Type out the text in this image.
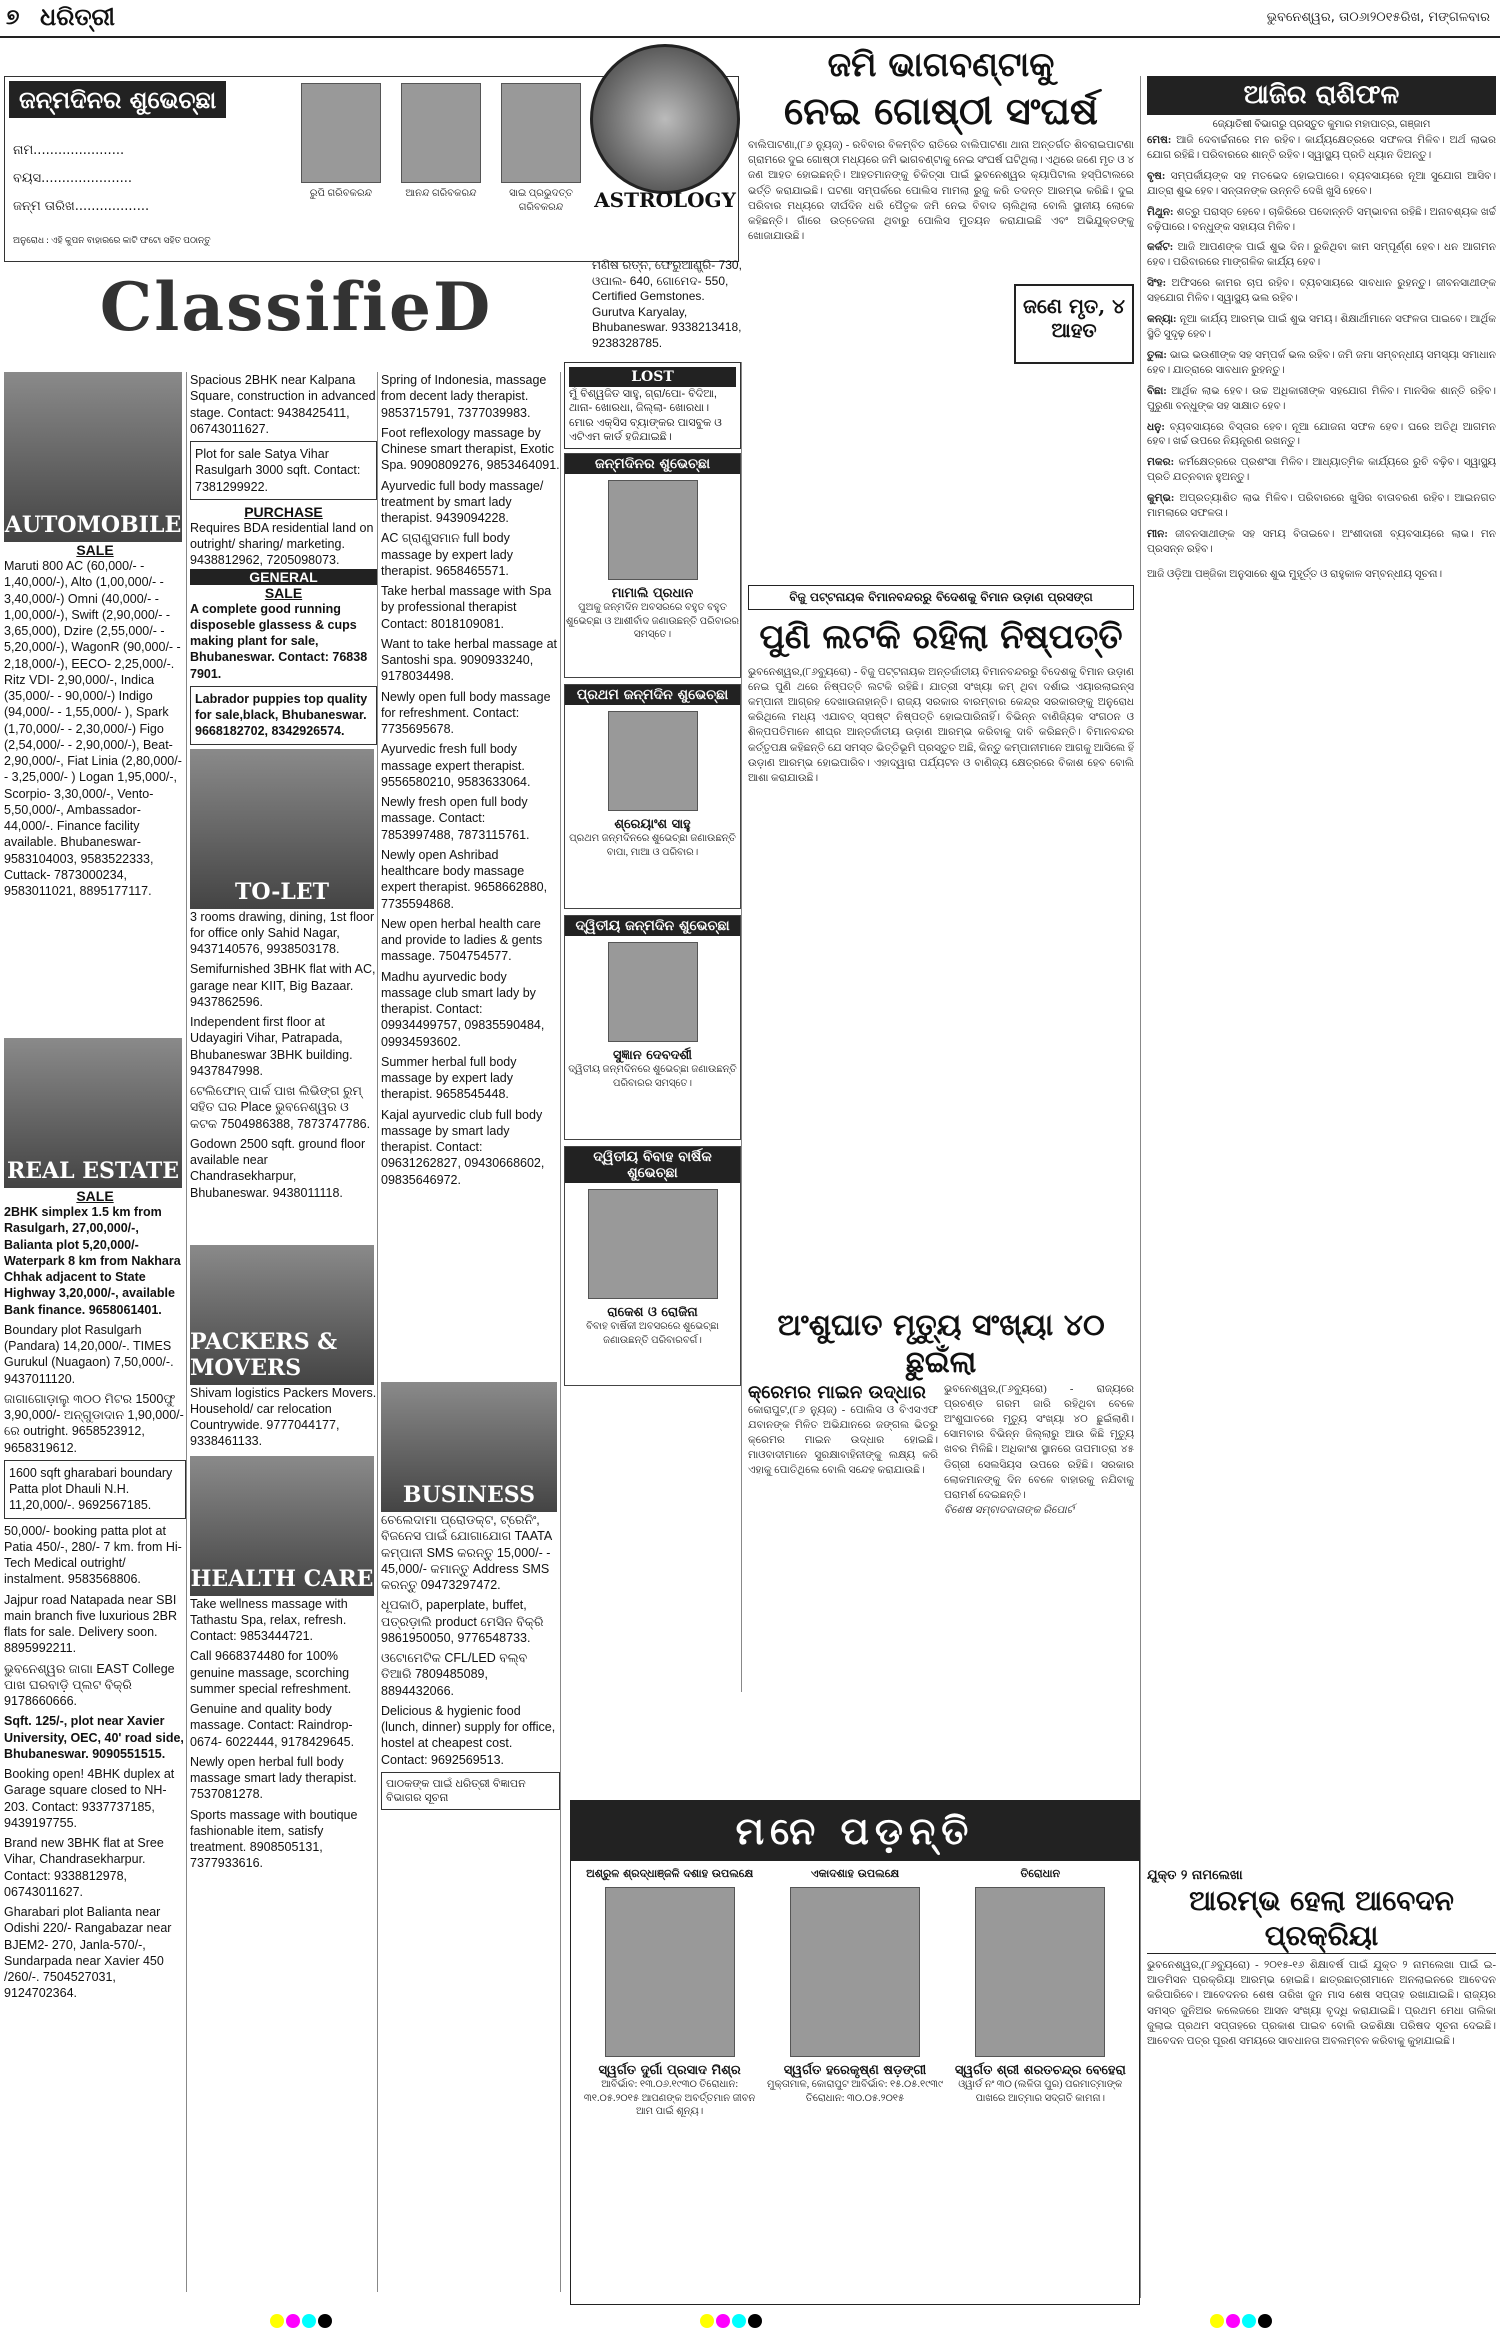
୭ ଧରିତ୍ରୀ	ଭୁବନେଶ୍ୱର, ତା୦୬ା୨୦୧୫ରିଖ, ମଙ୍ଗଳବାର
ଜନ୍ମଦିନର ଶୁଭେଚ୍ଛା
ନାମ......................
ବୟସ......................
ଜନ୍ମ ତାରିଖ..................
ରୁପି ଗରିବକରନ୍ଦ	ଆନନ୍ଦ ଗରିବକରନ୍ଦ	ସାଇ ପ୍ରଭୁଦତ୍ତ ଗରିବକରନ୍ଦ
ଅନୁରୋଧ : ଏହି କୁପନ ବାହାରରେ କାଟି ଫଟୋ ସହିତ ପଠାନ୍ତୁ
ASTROLOGY
ମଣିଷ ରତ୍ନ, ଫେରୁଆଣ୍ଡ୍ରି- 730, ଓପାଲ- 640, ଗୋମେଦ- 550, Certified Gemstones. Gurutva Karyalay, Bhubaneswar. 9338213418, 9238328785.
ClassifieD
AUTOMOBILE
SALE
Maruti 800 AC (60,000/- - 1,40,000/-), Alto (1,00,000/- - 3,40,000/-) Omni (40,000/- - 1,00,000/-), Swift (2,90,000/- - 3,65,000), Dzire (2,55,000/- - 5,20,000/-), WagonR (90,000/- - 2,18,000/-), EECO- 2,25,000/-. Ritz VDI- 2,90,000/-, Indica (35,000/- - 90,000/-) Indigo (94,000/- - 1,55,000/- ), Spark (1,70,000/- - 2,30,000/-) Figo (2,54,000/- - 2,90,000/-), Beat- 2,90,000/-, Fiat Linia (2,80,000/- - 3,25,000/- ) Logan 1,95,000/-, Scorpio- 3,30,000/-, Vento- 5,50,000/-, Ambassador- 44,000/-. Finance facility available. Bhubaneswar- 9583104003, 9583522333, Cuttack- 7873000234, 9583011021, 8895177117.
REAL ESTATE
SALE

2BHK simplex 1.5 km from Rasulgarh, 27,00,000/-, Balianta plot 5,20,000/- Waterpark 8 km from Nakhara Chhak adjacent to State Highway 3,20,000/-, available Bank finance. 9658061401.

Boundary plot Rasulgarh (Pandara) 14,20,000/-. TIMES Gurukul (Nuagaon) 7,50,000/-. 9437011120.

ଜାଗାଗୋଡ଼ାଲୁ ୩୦୦ ମିଟର 1500ଫୁ 3,90,000/- ଅନ୍ଗୁଡାଦାନ 1,90,000/-ରେ outright. 9658523912, 9658319612.

1600 sqft gharabari boundary Patta plot Dhauli N.H. 11,20,000/-. 9692567185.

50,000/- booking patta plot at Patia 450/-, 280/- 7 km. from Hi-Tech Medical outright/ instalment. 9583568806.

Jajpur road Natapada near SBI main branch five luxurious 2BR flats for sale. Delivery soon. 8895992211.

ଭୁବନେଶ୍ୱର ଜାଗା EAST College ପାଖ ଘରବାଡ଼ି ପ୍ଲଟ ବିକ୍ରି 9178660666.

Sqft. 125/-, plot near Xavier University, OEC, 40' road side, Bhubaneswar. 9090551515.

Booking open! 4BHK duplex at Garage square closed to NH-203. Contact: 9337737185, 9439197755.

Brand new 3BHK flat at Sree Vihar, Chandrasekharpur. Contact: 9338812978, 06743011627.

Gharabari plot Balianta near Odishi 220/- Rangabazar near BJEM2- 270, Janla-570/-, Sundarpada near Xavier 450 /260/-. 7504527031, 9124702364.

Spacious 2BHK near Kalpana Square, construction in advanced stage. Contact: 9438425411, 06743011627.

Plot for sale Satya Vihar Rasulgarh 3000 sqft. Contact: 7381299922.

PURCHASE
Requires BDA residential land on outright/ sharing/ marketing. 9438812962, 7205098073.
GENERAL
SALE
A complete good running disposeble glassess & cups making plant for sale, Bhubaneswar. Contact: 76838 7901.
Labrador puppies top quality for sale,black, Bhubaneswar. 9668182702, 8342926574.
TO-LET

3 rooms drawing, dining, 1st floor for office only Sahid Nagar, 9437140576, 9938503178.

Semifurnished 3BHK flat with AC, garage near KIIT, Big Bazaar. 9437862596.

Independent first floor at Udayagiri Vihar, Patrapada, Bhubaneswar 3BHK building. 9437847998.

ଟେଲିଫୋନ୍ ପାର୍କ ପାଖ ଲିଭିଙ୍ଗ ରୁମ୍ ସହିତ ଘର Place ଭୁବନେଶ୍ୱର ଓ କଟକ 7504986388, 7873747786.

Godown 2500 sqft. ground floor available near Chandrasekharpur, Bhubaneswar. 9438011118.

PACKERS & MOVERS
Shivam logistics Packers Movers. Household/ car relocation Countrywide. 9777044177, 9338461133.
HEALTH CARE

Take wellness massage with Tathastu Spa, relax, refresh. Contact: 9853444721.

Call 9668374480 for 100% genuine massage, scorching summer special refreshment.

Genuine and quality body massage. Contact: Raindrop- 0674- 6022444, 9178429645.

Newly open herbal full body massage smart lady therapist. 7537081278.

Sports massage with boutique fashionable item, satisfy treatment. 8908505131, 7377933616.

Spring of Indonesia, massage from decent lady therapist. 9853715791, 7377039983.

Foot reflexology massage by Chinese smart therapist, Exotic Spa. 9090809276, 9853464091.

Ayurvedic full body massage/ treatment by smart lady therapist. 9439094228.

AC ଗ୍ରାଣ୍ଡ୍ସମାନ full body massage by expert lady therapist. 9658465571.

Take herbal massage with Spa by professional therapist Contact: 8018109081.

Want to take herbal massage at Santoshi spa. 9090933240, 9178034498.

Newly open full body massage for refreshment. Contact: 7735695678.

Ayurvedic fresh full body massage expert therapist. 9556580210, 9583633064.

Newly fresh open full body massage. Contact: 7853997488, 7873115761.

Newly open Ashribad healthcare body massage expert therapist. 9658662880, 7735594868.

New open herbal health care and provide to ladies & gents massage. 7504754577.

Madhu ayurvedic body massage club smart lady by therapist. Contact: 09934499757, 09835590484, 09934593602.

Summer herbal full body massage by expert lady therapist. 9658545448.

Kajal ayurvedic club full body massage by smart lady therapist. Contact: 09631262827, 09430668602, 09835646972.

BUSINESS

ଚେଲେଦାମା ପ୍ରୋଡକ୍ଟ, ଟ୍ରେନିଂ, ବିଜନେସ ପାଇଁ ଯୋଗାଯୋଗ TAATA କମ୍ପାନୀ SMS କରନ୍ତୁ 15,000/- - 45,000/- କମାନ୍ତୁ Address SMS କରନ୍ତୁ 09473297472.

ଧୂପକାଠି, paperplate, buffet, ପତ୍ରଡ଼ାଲି product ମେସିନ ବିକ୍ରି 9861950050, 9776548733.

ଓଟୋମେଟିକ CFL/LED ବଲ୍ବ ତିଆରି 7809485089, 8894432066.

Delicious & hygienic food (lunch, dinner) supply for office, hostel at cheapest cost. Contact: 9692569513.

ପାଠକଙ୍କ ପାଇଁ ଧରିତ୍ରୀ ବିଜ୍ଞାପନ ବିଭାଗର ସୂଚନା

LOST
ମୁଁ ବିଶ୍ୱଜିତ ସାହୁ, ଗ୍ରା/ପୋ- ବିଦିଆ, ଥାନା- ଖୋରଧା, ଜିଲ୍ଲା- ଖୋରଧା। ମୋର ଏକ୍ସିସ ବ୍ୟାଙ୍କର ପାସବୁକ ଓ ଏଟିଏମ କାର୍ଡ ହଜିଯାଇଛି।
ଜନ୍ମଦିନର ଶୁଭେଚ୍ଛା
ମାମାଲି ପ୍ରଧାନ
ପୁଅକୁ ଜନ୍ମଦିନ ଅବସରରେ ବହୁତ ବହୁତ ଶୁଭେଚ୍ଛା ଓ ଆଶୀର୍ବାଦ ଜଣାଉଛନ୍ତି ପରିବାରର ସମସ୍ତେ।
ପ୍ରଥମ ଜନ୍ମଦିନ ଶୁଭେଚ୍ଛା
ଶ୍ରେୟାଂଶ ସାହୁ
ପ୍ରଥମ ଜନ୍ମଦିନରେ ଶୁଭେଚ୍ଛା ଜଣାଉଛନ୍ତି ବାପା, ମାଆ ଓ ପରିବାର।
ଦ୍ୱିତୀୟ ଜନ୍ମଦିନ ଶୁଭେଚ୍ଛା
ସୁଜ୍ଞାନ ଦେବଦର୍ଶୀ
ଦ୍ୱିତୀୟ ଜନ୍ମଦିନରେ ଶୁଭେଚ୍ଛା ଜଣାଉଛନ୍ତି ପରିବାରର ସମସ୍ତେ।
ଦ୍ୱିତୀୟ ବିବାହ ବାର୍ଷିକ ଶୁଭେଚ୍ଛା
ରାକେଶ ଓ ରୋଜିନା
ବିବାହ ବାର୍ଷିକୀ ଅବସରରେ ଶୁଭେଚ୍ଛା ଜଣାଉଛନ୍ତି ପରିବାରବର୍ଗ।
ଜମି ଭାଗବଣ୍ଟାକୁ
ନେଇ ଗୋଷ୍ଠୀ ସଂଘର୍ଷ
ଜଣେ ମୃତ, ୪ ଆହତ
ବାଲିପାଟଣା,(୮୬ ନ୍ୟୁଜ୍) - ରବିବାର ବିଳମ୍ବିତ ରାତିରେ ବାଲିପାଟଣା ଥାନା ଅନ୍ତର୍ଗତ ଶିବରାଇପାଟଣା ଗ୍ରାମରେ ଦୁଇ ଗୋଷ୍ଠୀ ମଧ୍ୟରେ ଜମି ଭାଗବଣ୍ଟାକୁ ନେଇ ସଂଘର୍ଷ ଘଟିଥିଲା। ଏଥିରେ ଜଣେ ମୃତ ଓ ୪ ଜଣ ଆହତ ହୋଇଛନ୍ତି। ଆହତମାନଙ୍କୁ ଚିକିତ୍ସା ପାଇଁ ଭୁବନେଶ୍ୱର କ୍ୟାପିଟାଲ ହସ୍ପିଟାଲରେ ଭର୍ତ୍ତି କରାଯାଇଛି। ଘଟଣା ସମ୍ପର୍କରେ ପୋଲିସ ମାମଲା ରୁଜୁ କରି ତଦନ୍ତ ଆରମ୍ଭ କରିଛି। ଦୁଇ ପରିବାର ମଧ୍ୟରେ ଦୀର୍ଘଦିନ ଧରି ପୈତୃକ ଜମି ନେଇ ବିବାଦ ଚାଲିଥିଲା ବୋଲି ସ୍ଥାନୀୟ ଲୋକେ କହିଛନ୍ତି। ଗାଁରେ ଉତ୍ତେଜନା ଥିବାରୁ ପୋଲିସ ମୁତୟନ କରାଯାଇଛି ଏବଂ ଅଭିଯୁକ୍ତଙ୍କୁ ଖୋଜାଯାଉଛି।
ବିଜୁ ପଟ୍ଟନାୟକ ବିମାନବନ୍ଦରରୁ ବିଦେଶକୁ ବିମାନ ଉଡ଼ାଣ ପ୍ରସଙ୍ଗ
ପୁଣି ଲଟକି ରହିଲା ନିଷ୍ପତ୍ତି
ଭୁବନେଶ୍ୱର,(୮୬ବ୍ୟୁରୋ) - ବିଜୁ ପଟ୍ଟନାୟକ ଅନ୍ତର୍ଜାତୀୟ ବିମାନବନ୍ଦରରୁ ବିଦେଶକୁ ବିମାନ ଉଡ଼ାଣ ନେଇ ପୁଣି ଥରେ ନିଷ୍ପତ୍ତି ଲଟକି ରହିଛି। ଯାତ୍ରୀ ସଂଖ୍ୟା କମ୍ ଥିବା ଦର୍ଶାଇ ଏୟାରଲାଇନ୍ସ କମ୍ପାନୀ ଆଗ୍ରହ ଦେଖାଉନାହାନ୍ତି। ରାଜ୍ୟ ସରକାର ବାରମ୍ବାର କେନ୍ଦ୍ର ସରକାରଙ୍କୁ ଅନୁରୋଧ କରିଥିଲେ ମଧ୍ୟ ଏଯାବତ୍ ସ୍ପଷ୍ଟ ନିଷ୍ପତ୍ତି ହୋଇପାରିନାହିଁ। ବିଭିନ୍ନ ବାଣିଜ୍ୟିକ ସଂଗଠନ ଓ ଶିଳ୍ପପତିମାନେ ଶୀଘ୍ର ଆନ୍ତର୍ଜାତୀୟ ଉଡ଼ାଣ ଆରମ୍ଭ କରିବାକୁ ଦାବି କରିଛନ୍ତି। ବିମାନବନ୍ଦର କର୍ତ୍ତୃପକ୍ଷ କହିଛନ୍ତି ଯେ ସମସ୍ତ ଭିତ୍ତିଭୂମି ପ୍ରସ୍ତୁତ ଅଛି, କିନ୍ତୁ କମ୍ପାନୀମାନେ ଆଗକୁ ଆସିଲେ ହିଁ ଉଡ଼ାଣ ଆରମ୍ଭ ହୋଇପାରିବ। ଏହାଦ୍ୱାରା ପର୍ଯ୍ୟଟନ ଓ ବାଣିଜ୍ୟ କ୍ଷେତ୍ରରେ ବିକାଶ ହେବ ବୋଲି ଆଶା କରାଯାଉଛି।
ଅଂଶୁଘାତ ମୃତ୍ୟୁ ସଂଖ୍ୟା ୪୦ ଛୁଇଁଲା
କ୍ରେମର ମାଇନ ଉଦ୍ଧାର
କୋରାପୁଟ,(୮୬ ନ୍ୟୁଜ୍) - ପୋଲିସ ଓ ବିଏସଏଫ ଯବାନଙ୍କ ମିଳିତ ଅଭିଯାନରେ ଜଙ୍ଗଲ ଭିତରୁ କ୍ରେମର ମାଇନ ଉଦ୍ଧାର ହୋଇଛି। ମାଓବାଦୀମାନେ ସୁରକ୍ଷାବାହିନୀଙ୍କୁ ଲକ୍ଷ୍ୟ କରି ଏହାକୁ ପୋତିଥିଲେ ବୋଲି ସନ୍ଦେହ କରାଯାଉଛି।
ଭୁବନେଶ୍ୱର,(୮୬ବ୍ୟୁରୋ) - ରାଜ୍ୟରେ ପ୍ରଚଣ୍ଡ ଗରମ ଜାରି ରହିଥିବା ବେଳେ ଅଂଶୁଘାତରେ ମୃତ୍ୟୁ ସଂଖ୍ୟା ୪୦ ଛୁଇଁଲାଣି। ସୋମବାର ବିଭିନ୍ନ ଜିଲ୍ଲାରୁ ଆଉ କିଛି ମୃତ୍ୟୁ ଖବର ମିଳିଛି। ଅଧିକାଂଶ ସ୍ଥାନରେ ତାପମାତ୍ରା ୪୫ ଡିଗ୍ରୀ ସେଲସିୟସ ଉପରେ ରହିଛି। ସରକାର ଲୋକମାନଙ୍କୁ ଦିନ ବେଳେ ବାହାରକୁ ନଯିବାକୁ ପରାମର୍ଶ ଦେଇଛନ୍ତି।
ବିଶେଷ ସମ୍ବାଦଦାତାଙ୍କ ରିପୋର୍ଟ
ମନେ ପଡ଼ନ୍ତି
ଅଶ୍ରୁଳ ଶ୍ରଦ୍ଧାଞ୍ଜଳି ଦଶାହ ଉପଲକ୍ଷେ
ସ୍ୱର୍ଗତ ଦୁର୍ଗା ପ୍ରସାଦ ମିଶ୍ର
ଆବିର୍ଭାବ: ୧୩.୦୬.୧୯୩୦ ତିରୋଧାନ: ୩୧.୦୫.୨୦୧୫ ଆପଣଙ୍କ ଅବର୍ତ୍ତମାନ ଜୀବନ ଆମ ପାଇଁ ଶୂନ୍ୟ।
ଏକାଦଶାହ ଉପଲକ୍ଷେ
ସ୍ୱର୍ଗତ ହରେକୃଷ୍ଣ ଷଡ଼ଙ୍ଗୀ
ମୁକ୍ତାମାଳ, କୋରାପୁଟ ଆବିର୍ଭାବ: ୧୫.୦୫.୧୯୩୯ ତିରୋଧାନ: ୩୦.୦୫.୨୦୧୫
ତିରୋଧାନ
ସ୍ୱର୍ଗତ ଶ୍ରୀ ଶରତଚନ୍ଦ୍ର ବେହେରା
ଓ୍ୱାର୍ଡ ନଂ ୩୦ (ଲଳିତା ପୁର) ପରମାତ୍ମାଙ୍କ ପାଖରେ ଆତ୍ମାର ସଦ୍ଗତି କାମନା।
ଆଜିର ରାଶିଫଳ
ଜ୍ୟୋତିଷୀ ବିଭାଗରୁ ପ୍ରସ୍ତୁତ କୁମାର ମହାପାତ୍ର, ଗଞ୍ଜାମ

ମେଷ: ଆଜି ଦେବାର୍ଚ୍ଚନାରେ ମନ ରହିବ। କାର୍ଯ୍ୟକ୍ଷେତ୍ରରେ ସଫଳତା ମିଳିବ। ଅର୍ଥ ଲାଭର ଯୋଗ ରହିଛି। ପରିବାରରେ ଶାନ୍ତି ରହିବ। ସ୍ୱାସ୍ଥ୍ୟ ପ୍ରତି ଧ୍ୟାନ ଦିଅନ୍ତୁ।

ବୃଷ: ସମ୍ପର୍କୀୟଙ୍କ ସହ ମତଭେଦ ହୋଇପାରେ। ବ୍ୟବସାୟରେ ନୂଆ ସୁଯୋଗ ଆସିବ। ଯାତ୍ରା ଶୁଭ ହେବ। ସନ୍ତାନଙ୍କ ଉନ୍ନତି ଦେଖି ଖୁସି ହେବେ।

ମିଥୁନ: ଶତ୍ରୁ ପରାସ୍ତ ହେବେ। ଚାକିରିରେ ପଦୋନ୍ନତି ସମ୍ଭାବନା ରହିଛି। ଅନାବଶ୍ୟକ ଖର୍ଚ୍ଚ ବଢ଼ିପାରେ। ବନ୍ଧୁଙ୍କ ସହାୟତା ମିଳିବ।

କର୍କଟ: ଆଜି ଆପଣଙ୍କ ପାଇଁ ଶୁଭ ଦିନ। ରୁକିଥିବା କାମ ସମ୍ପୂର୍ଣ୍ଣ ହେବ। ଧନ ଆଗମନ ହେବ। ପରିବାରରେ ମାଙ୍ଗଳିକ କାର୍ଯ୍ୟ ହେବ।

ସିଂହ: ଅଫିସରେ କାମର ଚାପ ରହିବ। ବ୍ୟବସାୟରେ ସାବଧାନ ରୁହନ୍ତୁ। ଜୀବନସାଥୀଙ୍କ ସହଯୋଗ ମିଳିବ। ସ୍ୱାସ୍ଥ୍ୟ ଭଲ ରହିବ।

କନ୍ୟା: ନୂଆ କାର୍ଯ୍ୟ ଆରମ୍ଭ ପାଇଁ ଶୁଭ ସମୟ। ଶିକ୍ଷାର୍ଥୀମାନେ ସଫଳତା ପାଇବେ। ଆର୍ଥିକ ସ୍ଥିତି ସୁଦୃଢ଼ ହେବ।

ତୁଳା: ଭାଇ ଭଉଣୀଙ୍କ ସହ ସମ୍ପର୍କ ଭଲ ରହିବ। ଜମି ଜମା ସମ୍ବନ୍ଧୀୟ ସମସ୍ୟା ସମାଧାନ ହେବ। ଯାତ୍ରାରେ ସାବଧାନ ରୁହନ୍ତୁ।

ବିଛା: ଆର୍ଥିକ ଲାଭ ହେବ। ଉଚ୍ଚ ଅଧିକାରୀଙ୍କ ସହଯୋଗ ମିଳିବ। ମାନସିକ ଶାନ୍ତି ରହିବ। ପୁରୁଣା ବନ୍ଧୁଙ୍କ ସହ ସାକ୍ଷାତ ହେବ।

ଧନୁ: ବ୍ୟବସାୟରେ ବିସ୍ତାର ହେବ। ନୂଆ ଯୋଜନା ସଫଳ ହେବ। ଘରେ ଅତିଥି ଆଗମନ ହେବ। ଖର୍ଚ୍ଚ ଉପରେ ନିୟନ୍ତ୍ରଣ ରଖନ୍ତୁ।

ମକର: କର୍ମକ୍ଷେତ୍ରରେ ପ୍ରଶଂସା ମିଳିବ। ଆଧ୍ୟାତ୍ମିକ କାର୍ଯ୍ୟରେ ରୁଚି ବଢ଼ିବ। ସ୍ୱାସ୍ଥ୍ୟ ପ୍ରତି ଯତ୍ନବାନ ହୁଅନ୍ତୁ।

କୁମ୍ଭ: ଅପ୍ରତ୍ୟାଶିତ ଲାଭ ମିଳିବ। ପରିବାରରେ ଖୁସିର ବାତାବରଣ ରହିବ। ଆଇନଗତ ମାମଲାରେ ସଫଳତା।

ମୀନ: ଜୀବନସାଥୀଙ୍କ ସହ ସମୟ ବିତାଇବେ। ଅଂଶୀଦାରୀ ବ୍ୟବସାୟରେ ଲାଭ। ମନ ପ୍ରସନ୍ନ ରହିବ।

ଆଜି ଓଡ଼ିଆ ପଞ୍ଜିକା ଅନୁସାରେ ଶୁଭ ମୁହୂର୍ତ୍ତ ଓ ରାହୁକାଳ ସମ୍ବନ୍ଧୀୟ ସୂଚନା।

ଯୁକ୍ତ ୨ ନାମଲେଖା
ଆରମ୍ଭ ହେଲା ଆବେଦନ ପ୍ରକ୍ରିୟା
ଭୁବନେଶ୍ୱର,(୮୬ବ୍ୟୁରୋ) - ୨୦୧୫-୧୬ ଶିକ୍ଷାବର୍ଷ ପାଇଁ ଯୁକ୍ତ ୨ ନାମଲେଖା ପାଇଁ ଇ-ଆଡମିସନ ପ୍ରକ୍ରିୟା ଆରମ୍ଭ ହୋଇଛି। ଛାତ୍ରଛାତ୍ରୀମାନେ ଅନଲାଇନରେ ଆବେଦନ କରିପାରିବେ। ଆବେଦନର ଶେଷ ତାରିଖ ଜୁନ ମାସ ଶେଷ ସପ୍ତାହ ରଖାଯାଇଛି। ରାଜ୍ୟର ସମସ୍ତ ଜୁନିଅର କଲେଜରେ ଆସନ ସଂଖ୍ୟା ବୃଦ୍ଧି କରାଯାଇଛି। ପ୍ରଥମ ମେଧା ତାଲିକା ଜୁଲାଇ ପ୍ରଥମ ସପ୍ତାହରେ ପ୍ରକାଶ ପାଇବ ବୋଲି ଉଚ୍ଚଶିକ୍ଷା ପରିଷଦ ସୂଚନା ଦେଇଛି। ଆବେଦନ ପତ୍ର ପୂରଣ ସମୟରେ ସାବଧାନତା ଅବଲମ୍ବନ କରିବାକୁ କୁହାଯାଇଛି।
